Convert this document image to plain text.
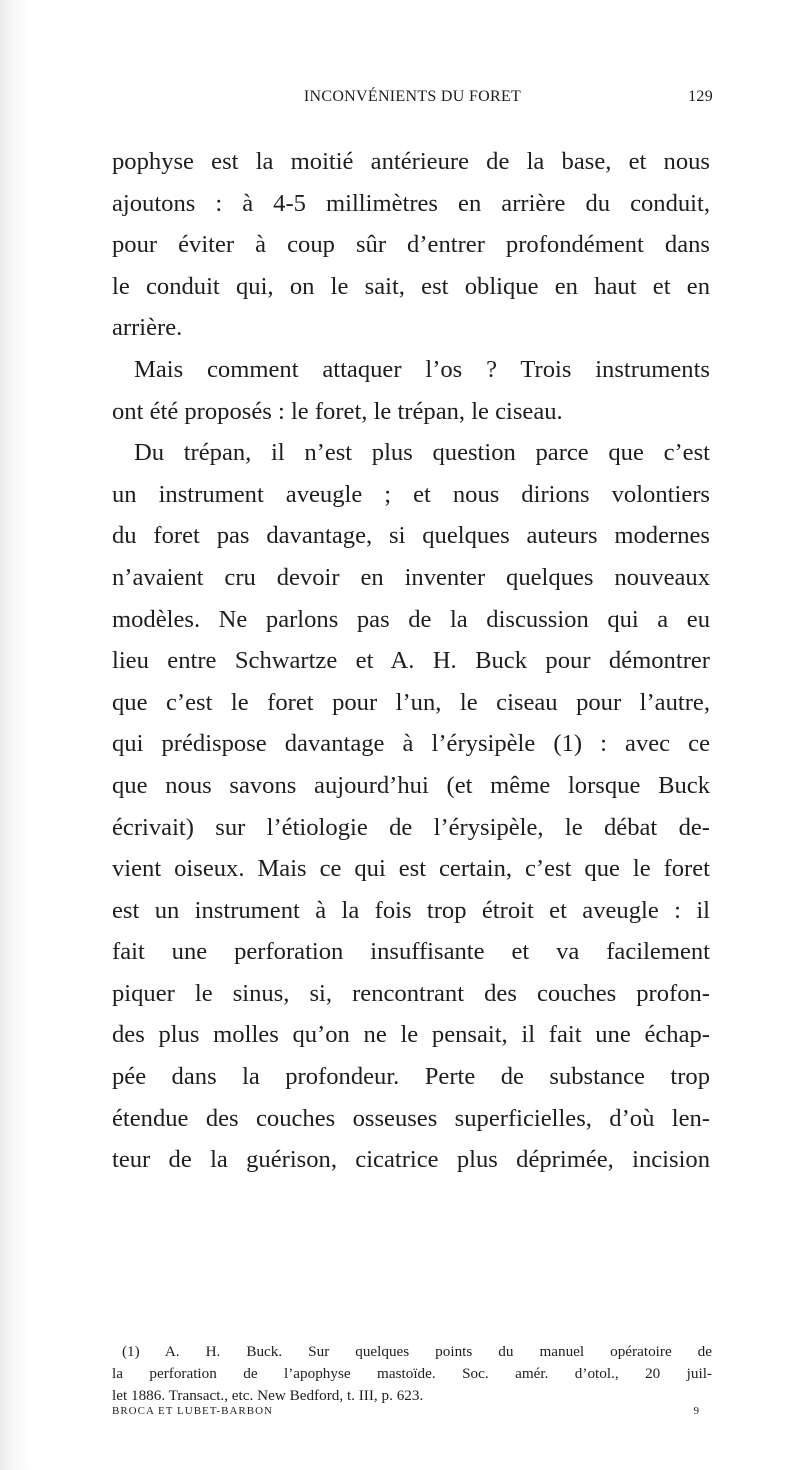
INCONVÉNIENTS DU FORET	129
pophyse est la moitié antérieure de la base, et nous
ajoutons : à 4-5 millimètres en arrière du conduit,
pour éviter à coup sûr d’entrer profondément dans
le conduit qui, on le sait, est oblique en haut et en
arrière.
Mais comment attaquer l’os ? Trois instruments
ont été proposés : le foret, le trépan, le ciseau.
Du trépan, il n’est plus question parce que c’est
un instrument aveugle ; et nous dirions volontiers
du foret pas davantage, si quelques auteurs modernes
n’avaient cru devoir en inventer quelques nouveaux
modèles. Ne parlons pas de la discussion qui a eu
lieu entre Schwartze et A. H. Buck pour démontrer
que c’est le foret pour l’un, le ciseau pour l’autre,
qui prédispose davantage à l’érysipèle (1) : avec ce
que nous savons aujourd’hui (et même lorsque Buck
écrivait) sur l’étiologie de l’érysipèle, le débat de-
vient oiseux. Mais ce qui est certain, c’est que le foret
est un instrument à la fois trop étroit et aveugle : il
fait une perforation insuffisante et va facilement
piquer le sinus, si, rencontrant des couches profon-
des plus molles qu’on ne le pensait, il fait une échap-
pée dans la profondeur. Perte de substance trop
étendue des couches osseuses superficielles, d’où len-
teur de la guérison, cicatrice plus déprimée, incision
(1) A. H. Buck. Sur quelques points du manuel opératoire de
la perforation de l’apophyse mastoïde. Soc. amér. d’otol., 20 juil-
let 1886. Transact., etc. New Bedford, t. III, p. 623.
BROCA ET LUBET-BARBON	9
